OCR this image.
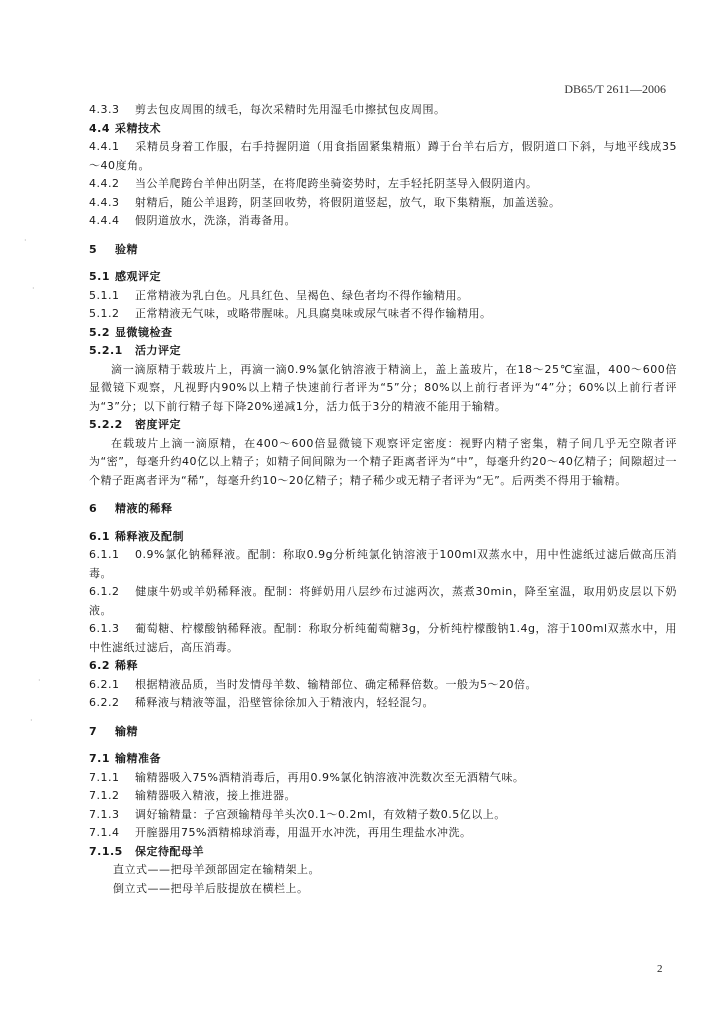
DB65/T 2611—2006
4.3.3	剪去包皮周围的绒毛，每次采精时先用湿毛巾擦拭包皮周围。
4.4 采精技术
4.4.1 采精员身着工作服，右手持握阴道（用食指固紧集精瓶）蹲于台羊右后方，假阴道口下斜，与地平线成35～40度角。
4.4.2	当公羊爬跨台羊伸出阴茎，在将爬跨坐骑姿势时，左手轻托阴茎导入假阴道内。
4.4.3	射精后，随公羊退跨，阴茎回收势，将假阴道竖起，放气，取下集精瓶，加盖送验。
4.4.4	假阴道放水，洗涤，消毒备用。
5	验精
5.1 感观评定
5.1.1	正常精液为乳白色。凡具红色、呈褐色、绿色者均不得作输精用。
5.1.2	正常精液无气味，或略带腥味。凡具腐臭味或尿气味者不得作输精用。
5.2 显微镜检查
5.2.1	活力评定
滴一滴原精于载玻片上，再滴一滴0.9%氯化钠溶液于精滴上，盖上盖玻片，在18～25℃室温，400～600倍显微镜下观察，凡视野内90%以上精子快速前行者评为“5”分；80%以上前行者评为“4”分；60%以上前行者评为“3”分；以下前行精子每下降20%递减1分，活力低于3分的精液不能用于输精。
5.2.2	密度评定
在载玻片上滴一滴原精，在400～600倍显微镜下观察评定密度：视野内精子密集，精子间几乎无空隙者评为“密”，每毫升约40亿以上精子；如精子间间隙为一个精子距离者评为“中”，每毫升约20～40亿精子；间隙超过一个精子距离者评为“稀”，每毫升约10～20亿精子；精子稀少或无精子者评为“无”。后两类不得用于输精。
6	精液的稀释
6.1 稀释液及配制
6.1.1 0.9%氯化钠稀释液。配制：称取0.9g分析纯氯化钠溶液于100ml双蒸水中，用中性滤纸过滤后做高压消毒。
6.1.2 健康牛奶或羊奶稀释液。配制：将鲜奶用八层纱布过滤两次，蒸煮30min，降至室温，取用奶皮层以下奶液。
6.1.3 葡萄糖、柠檬酸钠稀释液。配制：称取分析纯葡萄糖3g，分析纯柠檬酸钠1.4g，溶于100ml双蒸水中，用中性滤纸过滤后，高压消毒。
6.2 稀释
6.2.1	根据精液品质，当时发情母羊数、输精部位、确定稀释倍数。一般为5～20倍。
6.2.2	稀释液与精液等温，沿壁管徐徐加入于精液内，轻轻混匀。
7	输精
7.1 输精准备
7.1.1	输精器吸入75%酒精消毒后，再用0.9%氯化钠溶液冲洗数次至无酒精气味。
7.1.2	输精器吸入精液，接上推进器。
7.1.3	调好输精量：子宫颈输精母羊头次0.1～0.2ml，有效精子数0.5亿以上。
7.1.4	开膣器用75%酒精棉球消毒，用温开水冲洗，再用生理盐水冲洗。
7.1.5	保定待配母羊
直立式——把母羊颈部固定在输精架上。
倒立式——把母羊后肢提放在横栏上。
·
·
·
·
2
